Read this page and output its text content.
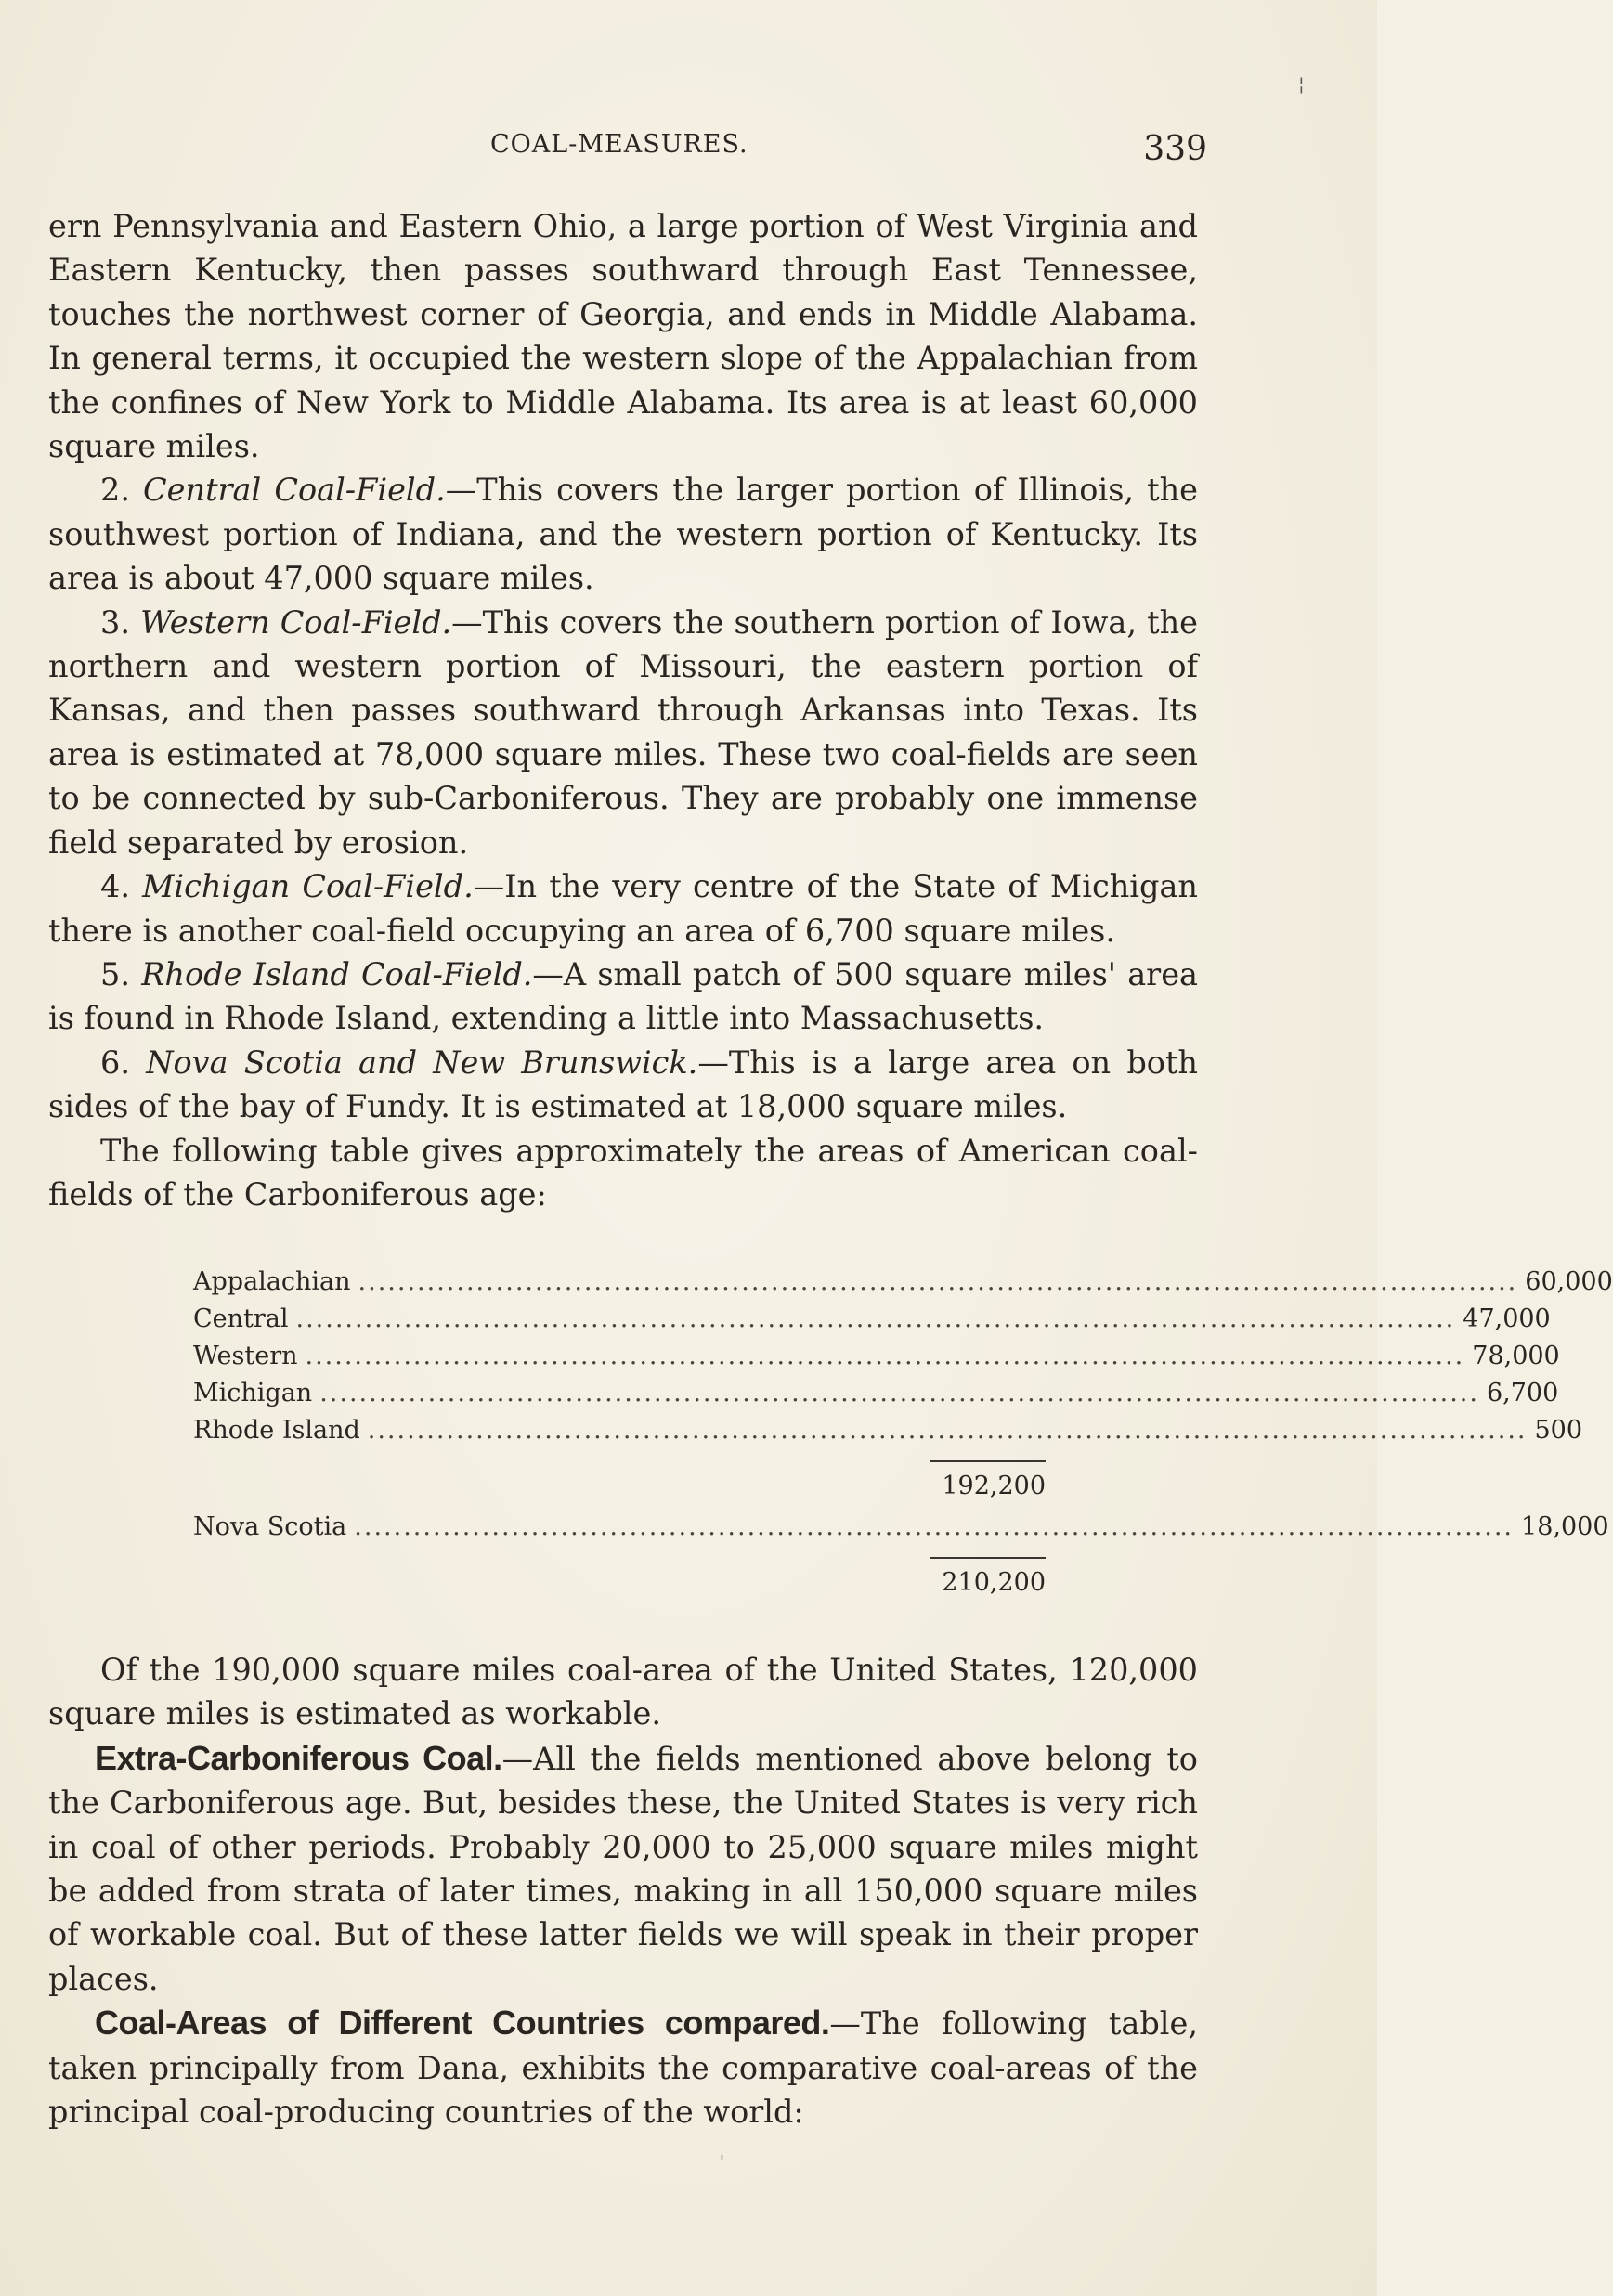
¦
COAL-MEASURES.	339

ern Pennsylvania and Eastern Ohio, a large portion of West Virginia and Eastern Kentucky, then passes southward through East Tennessee, touches the northwest corner of Georgia, and ends in Middle Alabama. In general terms, it occupied the western slope of the Appalachian from the confines of New York to Middle Alabama. Its area is at least 60,000 square miles.

2. Central Coal-Field.—This covers the larger portion of Illinois, the southwest portion of Indiana, and the western portion of Kentucky. Its area is about 47,000 square miles.

3. Western Coal-Field.—This covers the southern portion of Iowa, the northern and western portion of Missouri, the eastern portion of Kansas, and then passes southward through Arkansas into Texas. Its area is estimated at 78,000 square miles. These two coal-fields are seen to be connected by sub-Carboniferous. They are probably one immense field separated by erosion.

4. Michigan Coal-Field.—In the very centre of the State of Michigan there is another coal-field occupying an area of 6,700 square miles.

5. Rhode Island Coal-Field.—A small patch of 500 square miles' area is found in Rhode Island, extending a little into Massachusetts.

6. Nova Scotia and New Brunswick.—This is a large area on both sides of the bay of Fundy. It is estimated at 18,000 square miles.

The following table gives approximately the areas of American coal-fields of the Carboniferous age:

Appalachian ...................................................................................................................... 60,000
Central ...................................................................................................................... 47,000
Western ...................................................................................................................... 78,000
Michigan ...................................................................................................................... 6,700
Rhode Island ...................................................................................................................... 500
192,200
Nova Scotia ...................................................................................................................... 18,000
210,200

Of the 190,000 square miles coal-area of the United States, 120,000 square miles is estimated as workable.

Extra-Carboniferous Coal.—All the fields mentioned above belong to the Carboniferous age. But, besides these, the United States is very rich in coal of other periods. Probably 20,000 to 25,000 square miles might be added from strata of later times, making in all 150,000 square miles of workable coal. But of these latter fields we will speak in their proper places.

Coal-Areas of Different Countries compared.—The following table, taken principally from Dana, exhibits the comparative coal-areas of the principal coal-producing countries of the world:

'
